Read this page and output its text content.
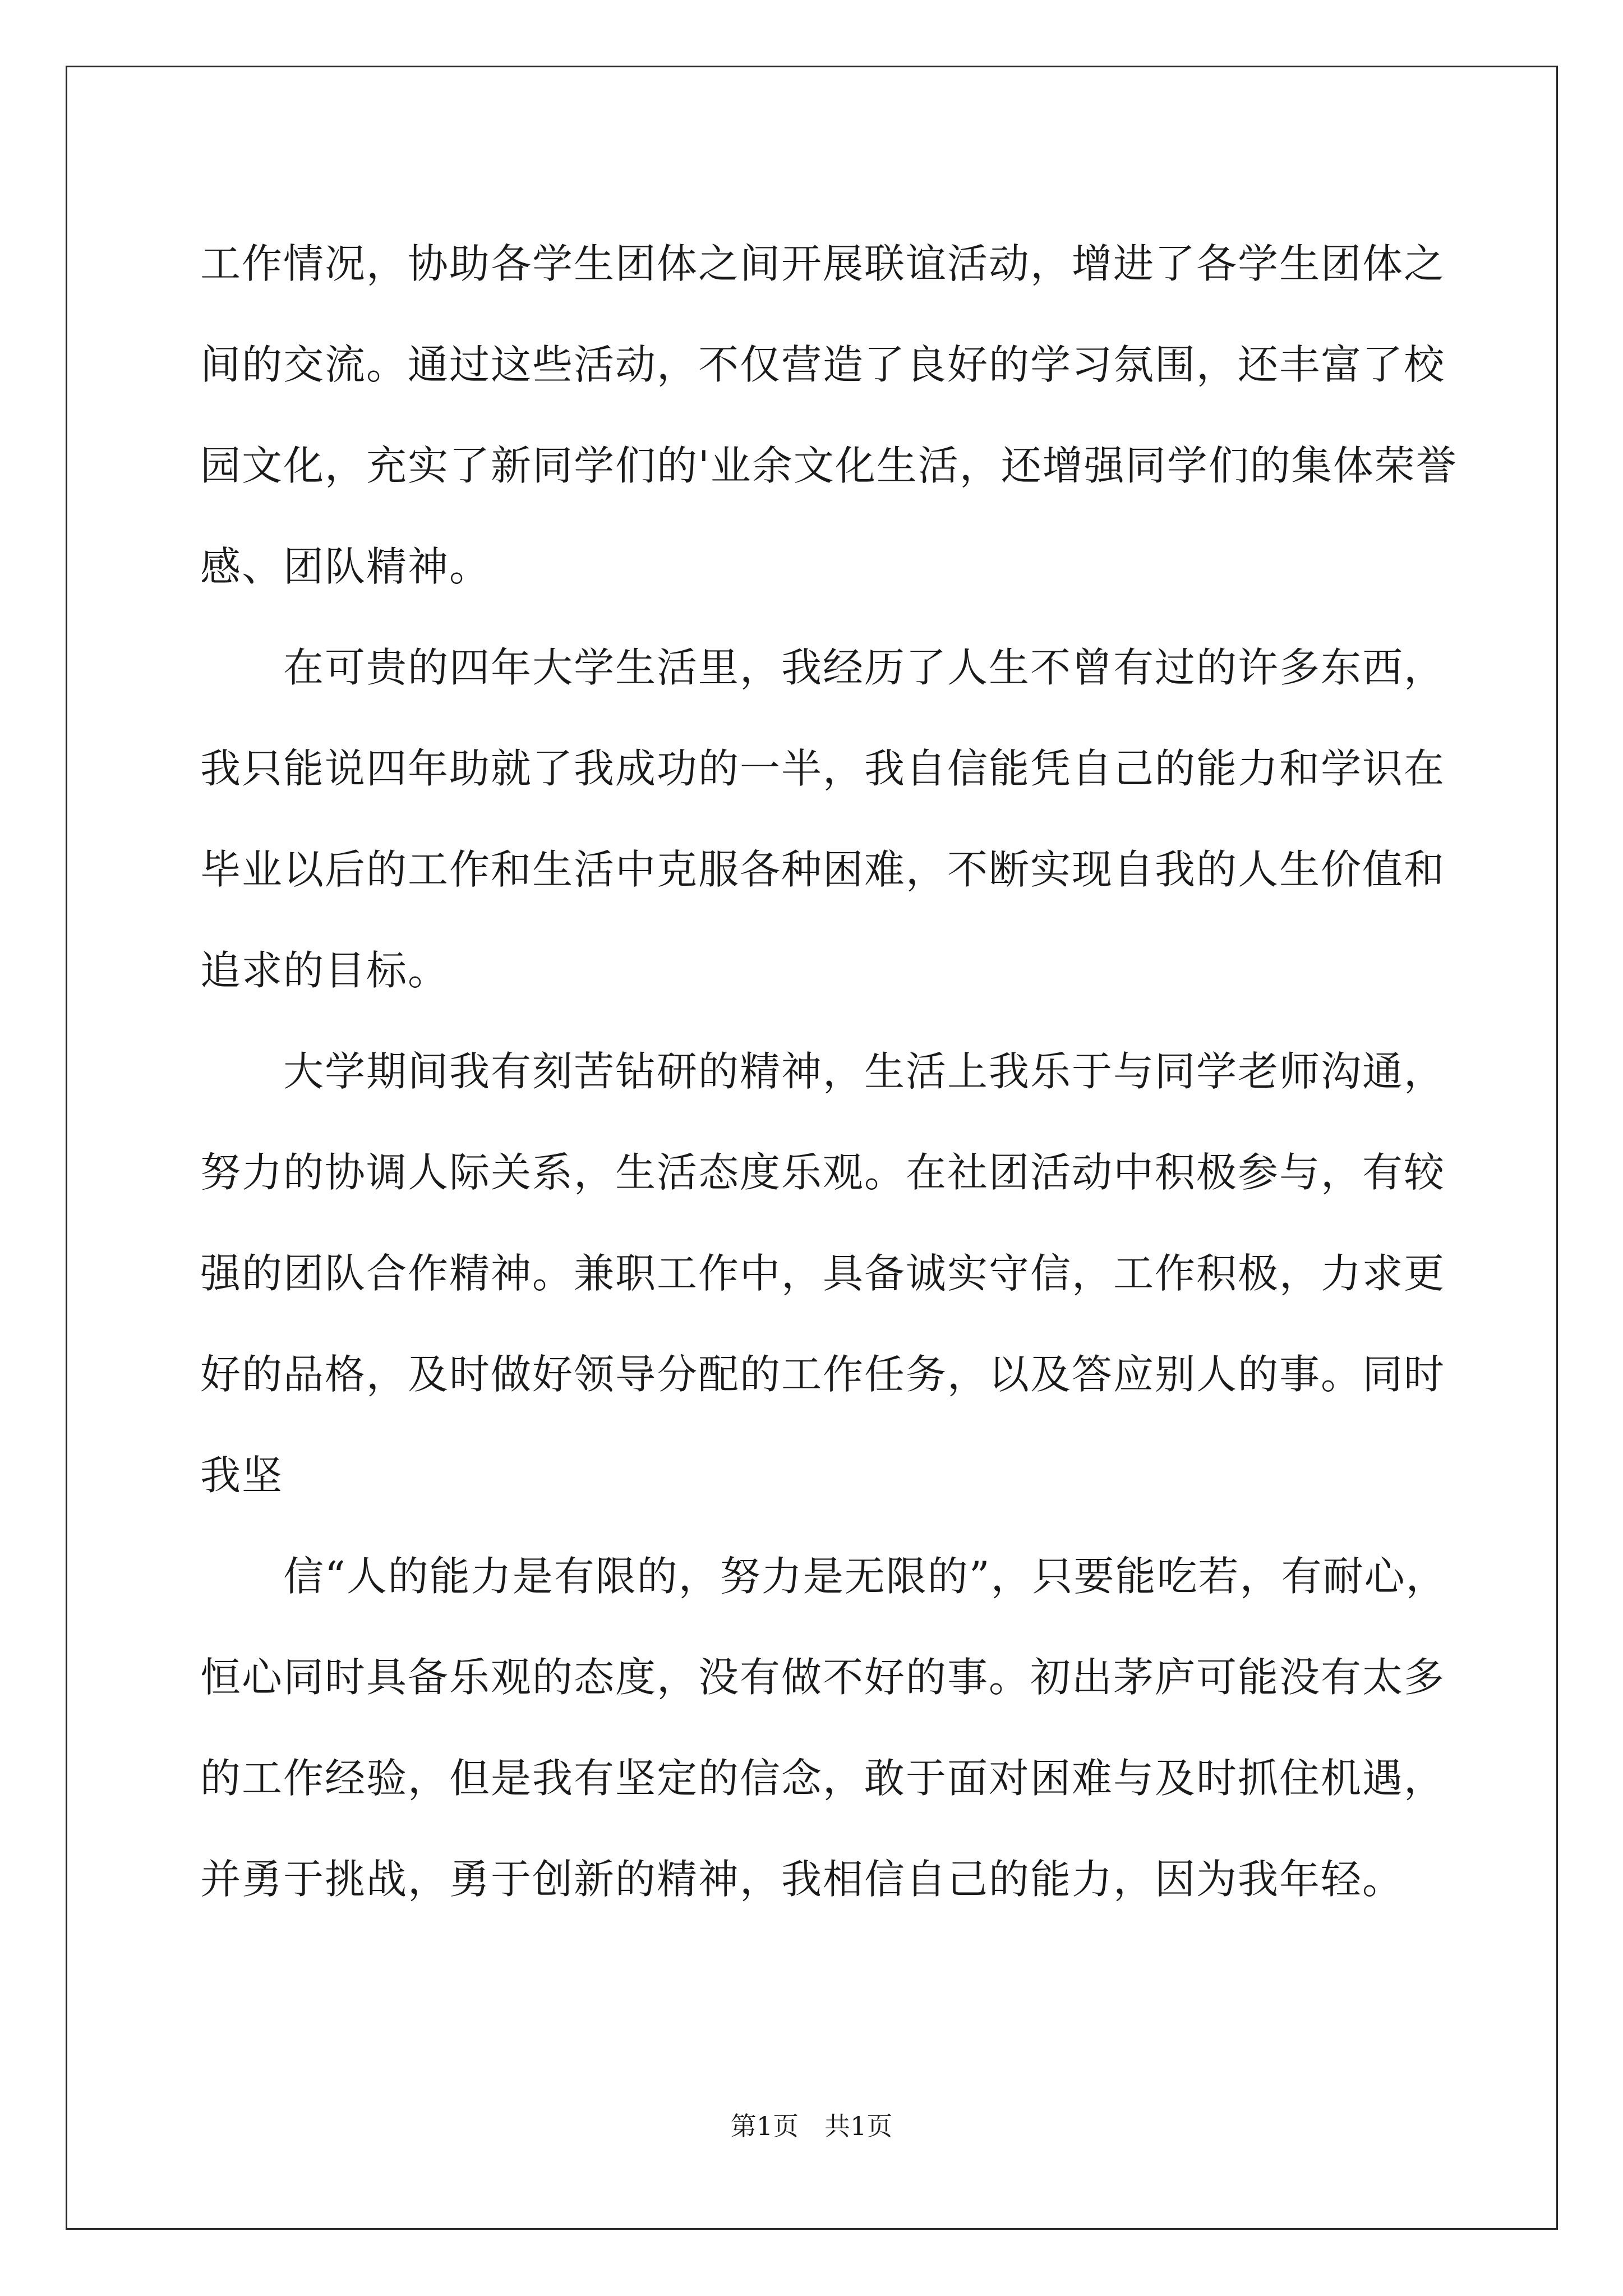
工作情况，协助各学生团体之间开展联谊活动，增进了各学生团体之
间的交流。通过这些活动，不仅营造了良好的学习氛围，还丰富了校
园文化，充实了新同学们的'业余文化生活，还增强同学们的集体荣誉
感、团队精神。
在可贵的四年大学生活里，我经历了人生不曾有过的许多东西，
我只能说四年助就了我成功的一半，我自信能凭自己的能力和学识在
毕业以后的工作和生活中克服各种困难，不断实现自我的人生价值和
追求的目标。
大学期间我有刻苦钻研的精神，生活上我乐于与同学老师沟通，
努力的协调人际关系，生活态度乐观。在社团活动中积极参与，有较
强的团队合作精神。兼职工作中，具备诚实守信，工作积极，力求更
好的品格，及时做好领导分配的工作任务，以及答应别人的事。同时
我坚
信“人的能力是有限的，努力是无限的”，只要能吃若，有耐心，
恒心同时具备乐观的态度，没有做不好的事。初出茅庐可能没有太多
的工作经验，但是我有坚定的信念，敢于面对困难与及时抓住机遇，
并勇于挑战，勇于创新的精神，我相信自己的能力，因为我年轻。
第1页　共1页
